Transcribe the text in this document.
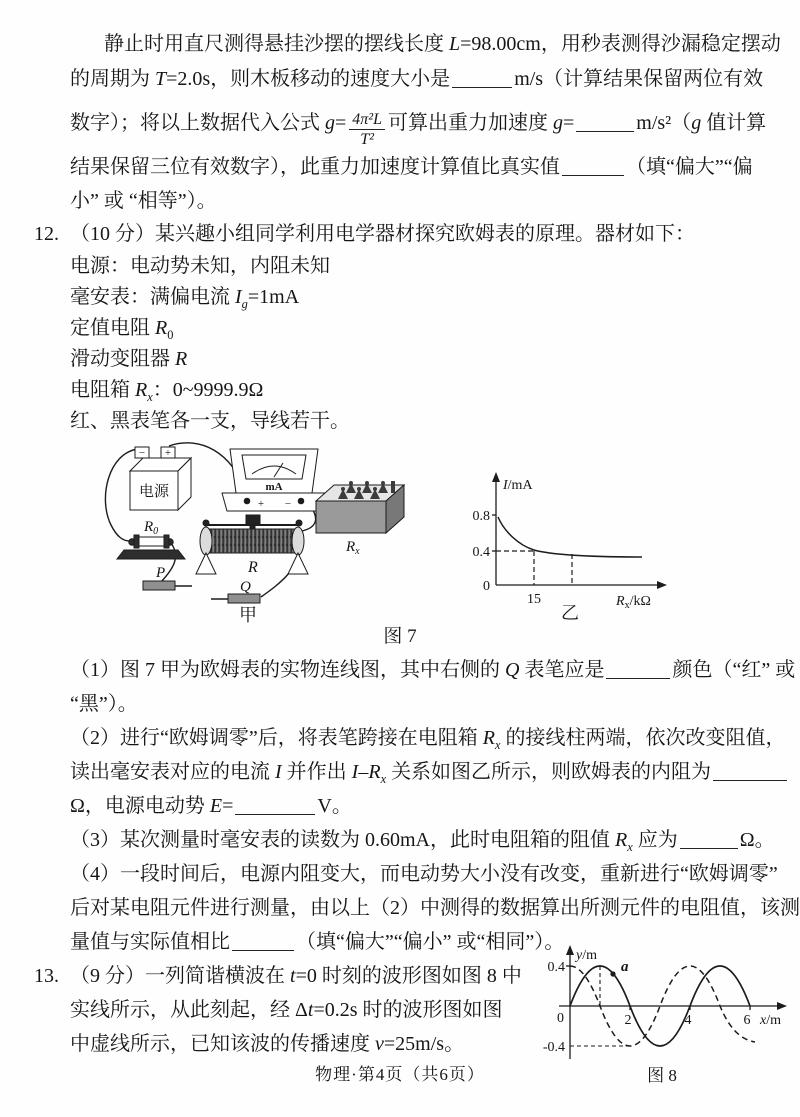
静止时用直尺测得悬挂沙摆的摆线长度 L=98.00cm，用秒表测得沙漏稳定摆动
的周期为 T=2.0s，则木板移动的速度大小是	m/s（计算结果保留两位有效
数字）；将以上数据代入公式 $g= \frac{\text{4π²L}}{\text{T²}}$ 可算出重力加速度 g=	m/s²（g 值计算
结果保留三位有效数字），此重力加速度计算值比真实值	（填“偏大”“偏
小” 或 “相等”）。
12. （10 分）某兴趣小组同学利用电学器材探究欧姆表的原理。器材如下：
电源：电动势未知，内阻未知
毫安表：满偏电流 $I_g=1mA$
定值电阻 $R_0$
滑动变阻器 R
电阻箱 $R_x$：0~9999.9Ω
红、黑表笔各一支，导线若干。
− +
电源	mA
+ −
$R_x$
$R_0$
R
P
Q
甲
I/mA
0.8
0.4
0
15	$R_x/k\Omega$
乙
图 7
（1）图 7 甲为欧姆表的实物连线图，其中右侧的 Q 表笔应是	颜色（“红” 或
“黑”）。
（2）进行“欧姆调零”后，将表笔跨接在电阻箱 $R_x$ 的接线柱两端，依次改变阻值，
读出毫安表对应的电流 I 并作出 $I-R_x$ 关系如图乙所示，则欧姆表的内阻为
Ω，电源电动势 E=	V。
（3）某次测量时毫安表的读数为 0.60mA，此时电阻箱的阻值 $R_x$ 应为	Ω。
（4）一段时间后，电源内阻变大，而电动势大小没有改变，重新进行“欧姆调零”
后对某电阻元件进行测量，由以上（2）中测得的数据算出所测元件的电阻值，该测
量值与实际值相比	（填“偏大”“偏小” 或“相同”）。
13. （9 分）一列简谐横波在 t=0 时刻的波形图如图 8 中
实线所示，从此刻起，经 Δt=0.2s 时的波形图如图
中虚线所示，已知该波的传播速度 v=25m/s。
a
y/m
0.4
0
-0.4
2	4	6 x/m
图 8
物理·第4页（共6页）
